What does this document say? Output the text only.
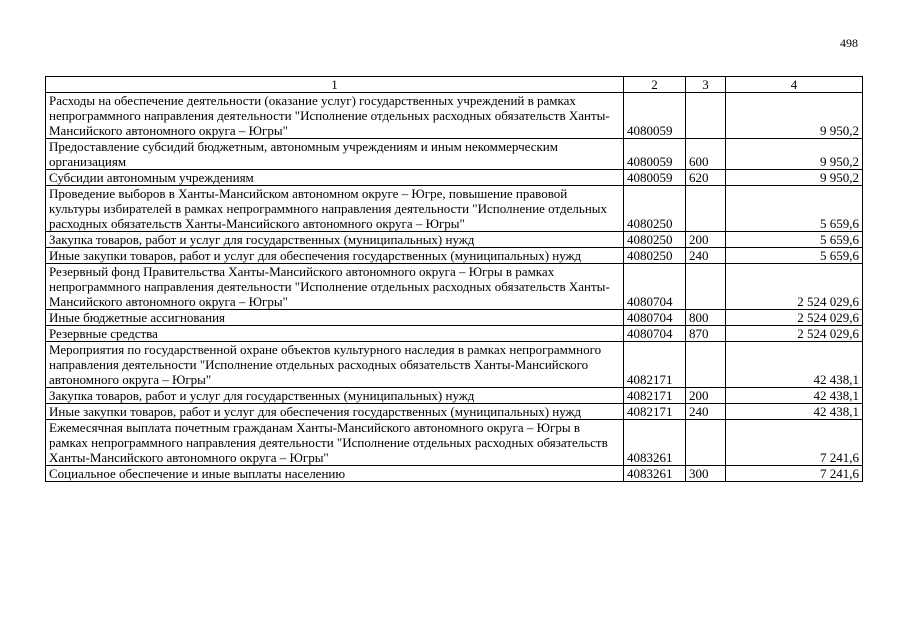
498
1	2	3	4
Расходы на обеспечение деятельности (оказание услуг) государственных учреждений в рамках непрограммного направления деятельности "Исполнение отдельных расходных обязательств Ханты-Мансийского автономного округа – Югры"	4080059		9 950,2
Предоставление субсидий бюджетным, автономным учреждениям и иным некоммерческим организациям	4080059	600	9 950,2
Субсидии автономным учреждениям	4080059	620	9 950,2
Проведение выборов в Ханты-Мансийском автономном округе – Югре, повышение правовой культуры избирателей в рамках непрограммного направления деятельности "Исполнение отдельных расходных обязательств Ханты-Мансийского автономного округа – Югры"	4080250		5 659,6
Закупка товаров, работ и услуг для государственных (муниципальных) нужд	4080250	200	5 659,6
Иные закупки товаров, работ и услуг для обеспечения государственных (муниципальных) нужд	4080250	240	5 659,6
Резервный фонд Правительства Ханты-Мансийского автономного округа – Югры в рамках непрограммного направления деятельности "Исполнение отдельных расходных обязательств Ханты-Мансийского автономного округа – Югры"	4080704		2 524 029,6
Иные бюджетные ассигнования	4080704	800	2 524 029,6
Резервные средства	4080704	870	2 524 029,6
Мероприятия по государственной охране объектов культурного наследия в рамках непрограммного направления деятельности "Исполнение отдельных расходных обязательств Ханты-Мансийского автономного округа – Югры"	4082171		42 438,1
Закупка товаров, работ и услуг для государственных (муниципальных) нужд	4082171	200	42 438,1
Иные закупки товаров, работ и услуг для обеспечения государственных (муниципальных) нужд	4082171	240	42 438,1
Ежемесячная выплата почетным гражданам Ханты-Мансийского автономного округа – Югры в рамках непрограммного направления деятельности "Исполнение отдельных расходных обязательств Ханты-Мансийского автономного округа – Югры"	4083261		7 241,6
Социальное обеспечение и иные выплаты населению	4083261	300	7 241,6
